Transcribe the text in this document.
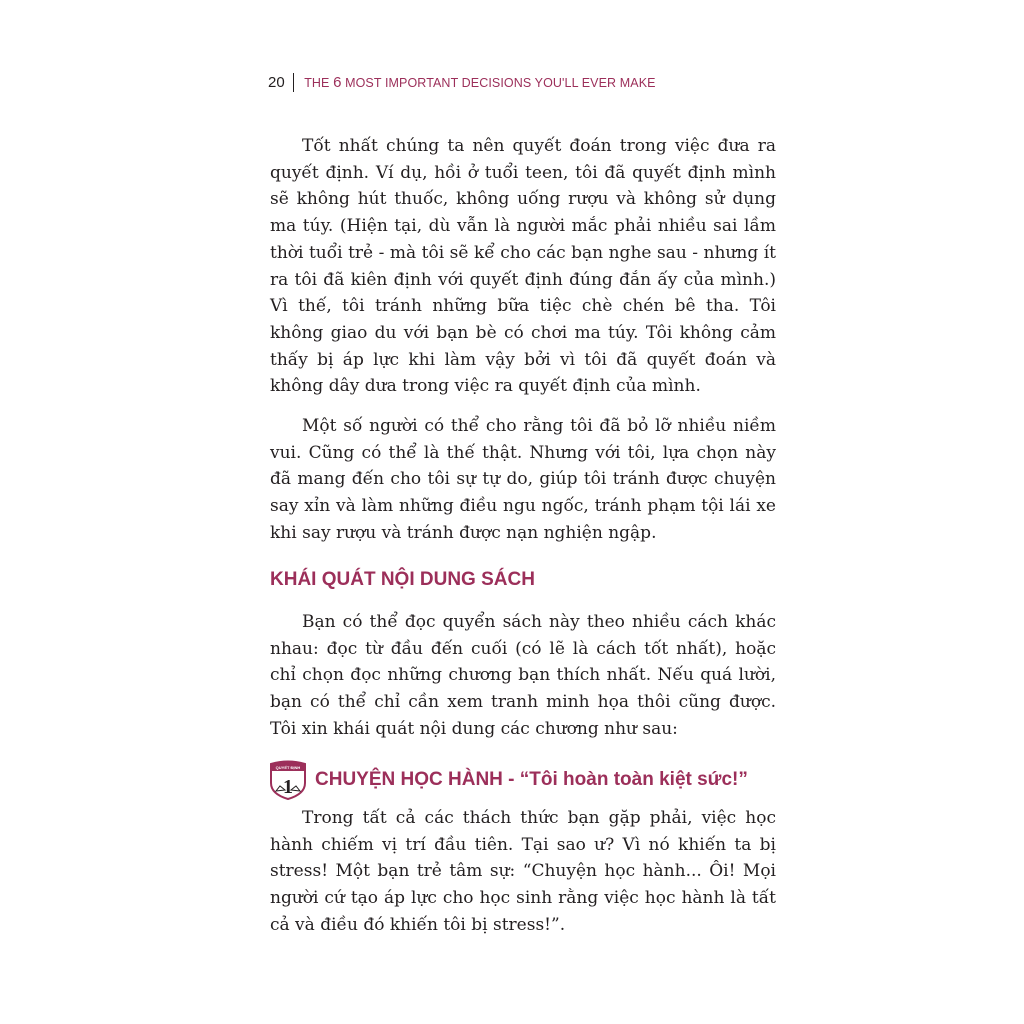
20 THE 6 MOST IMPORTANT DECISIONS YOU'LL EVER MAKE

Tốt nhất chúng ta nên quyết đoán trong việc đưa ra quyết định. Ví dụ, hồi ở tuổi teen, tôi đã quyết định mình sẽ không hút thuốc, không uống rượu và không sử dụng ma túy. (Hiện tại, dù vẫn là người mắc phải nhiều sai lầm thời tuổi trẻ - mà tôi sẽ kể cho các bạn nghe sau - nhưng ít ra tôi đã kiên định với quyết định đúng đắn ấy của mình.) Vì thế, tôi tránh những bữa tiệc chè chén bê tha. Tôi không giao du với bạn bè có chơi ma túy. Tôi không cảm thấy bị áp lực khi làm vậy bởi vì tôi đã quyết đoán và không dây dưa trong việc ra quyết định của mình.

Một số người có thể cho rằng tôi đã bỏ lỡ nhiều niềm vui. Cũng có thể là thế thật. Nhưng với tôi, lựa chọn này đã mang đến cho tôi sự tự do, giúp tôi tránh được chuyện say xỉn và làm những điều ngu ngốc, tránh phạm tội lái xe khi say rượu và tránh được nạn nghiện ngập.

KHÁI QUÁT NỘI DUNG SÁCH

Bạn có thể đọc quyển sách này theo nhiều cách khác nhau: đọc từ đầu đến cuối (có lẽ là cách tốt nhất), hoặc chỉ chọn đọc những chương bạn thích nhất. Nếu quá lười, bạn có thể chỉ cần xem tranh minh họa thôi cũng được. Tôi xin khái quát nội dung các chương như sau:

QUYẾT ĐỊNH
1 CHUYỆN HỌC HÀNH - “Tôi hoàn toàn kiệt sức!”

Trong tất cả các thách thức bạn gặp phải, việc học hành chiếm vị trí đầu tiên. Tại sao ư? Vì nó khiến ta bị stress! Một bạn trẻ tâm sự: “Chuyện học hành... Ôi! Mọi người cứ tạo áp lực cho học sinh rằng việc học hành là tất cả và điều đó khiến tôi bị stress!”.
